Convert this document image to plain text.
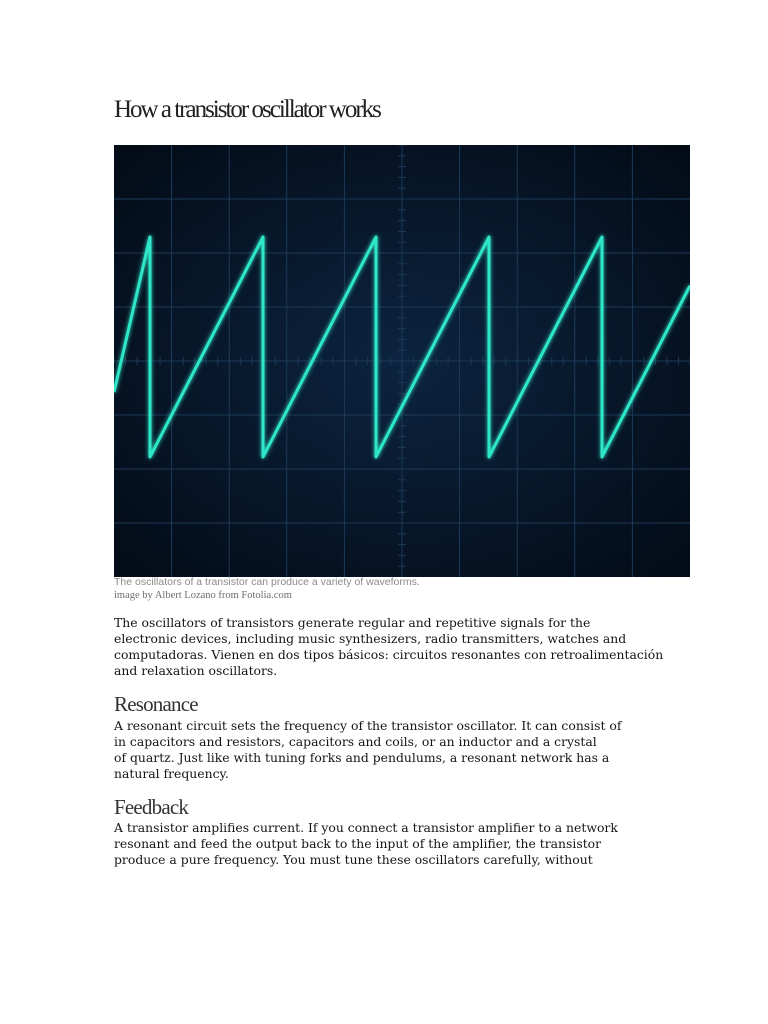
How a transistor oscillator works
The oscillators of a transistor can produce a variety of waveforms.
image by Albert Lozano from Fotolia.com

The oscillators of transistors generate regular and repetitive signals for the
electronic devices, including music synthesizers, radio transmitters, watches and
computadoras. Vienen en dos tipos básicos: circuitos resonantes con retroalimentación
and relaxation oscillators.

Resonance

A resonant circuit sets the frequency of the transistor oscillator. It can consist of
in capacitors and resistors, capacitors and coils, or an inductor and a crystal
of quartz. Just like with tuning forks and pendulums, a resonant network has a
natural frequency.

Feedback

A transistor amplifies current. If you connect a transistor amplifier to a network
resonant and feed the output back to the input of the amplifier, the transistor
produce a pure frequency. You must tune these oscillators carefully, without
